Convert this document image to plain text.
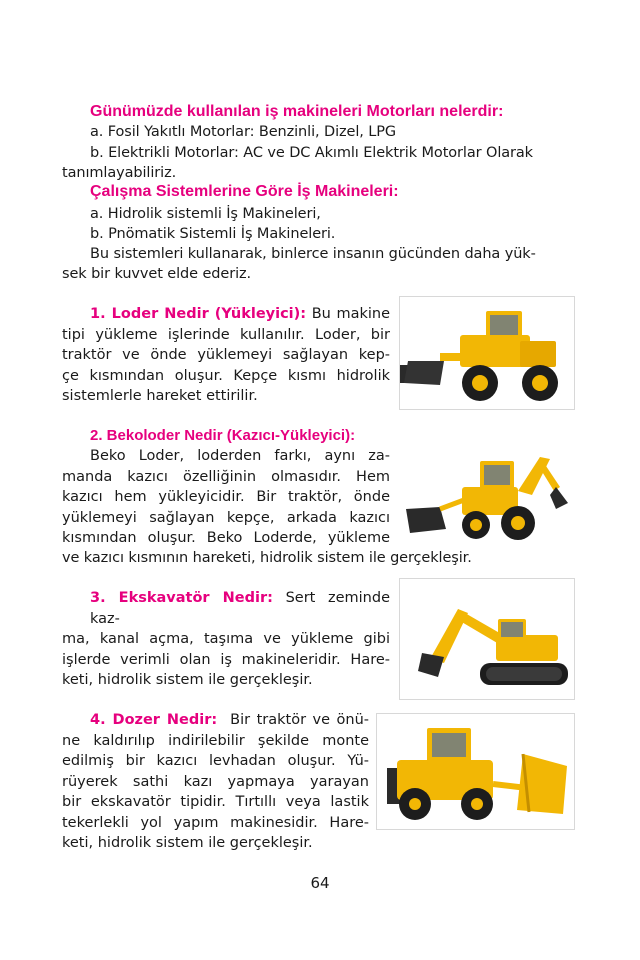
Günümüzde kullanılan iş makineleri Motorları nelerdir:
a. Fosil Yakıtlı Motorlar: Benzinli, Dizel, LPG
b. Elektrikli Motorlar: AC ve DC Akımlı Elektrik Motorlar Olarak
tanımlayabiliriz.
Çalışma Sistemlerine Göre İş Makineleri:
a. Hidrolik sistemli İş Makineleri,
b. Pnömatik Sistemli İş Makineleri.
Bu sistemleri kullanarak, binlerce insanın gücünden daha yük-
sek bir kuvvet elde ederiz.
1. Loder Nedir (Yükleyici): Bu makine
tipi yükleme işlerinde kullanılır. Loder, bir
traktör ve önde yüklemeyi sağlayan kep-
çe kısmından oluşur. Kepçe kısmı hidrolik
sistemlerle hareket ettirilir.
2. Bekoloder Nedir (Kazıcı-Yükleyici):
Beko Loder, loderden farkı, aynı za-
manda kazıcı özelliğinin olmasıdır. Hem
kazıcı hem yükleyicidir. Bir traktör, önde
yüklemeyi sağlayan kepçe, arkada kazıcı
kısmından oluşur. Beko Loderde, yükleme
ve kazıcı kısmının hareketi, hidrolik sistem ile gerçekleşir.
3. Ekskavatör Nedir: Sert zeminde kaz-
ma, kanal açma, taşıma ve yükleme gibi
işlerde verimli olan iş makineleridir. Hare-
keti, hidrolik sistem ile gerçekleşir.
4. Dozer Nedir: Bir traktör ve önü-
ne kaldırılıp indirilebilir şekilde monte
edilmiş bir kazıcı levhadan oluşur. Yü-
rüyerek sathi kazı yapmaya yarayan
bir ekskavatör tipidir. Tırtıllı veya lastik
tekerlekli yol yapım makinesidir. Hare-
keti, hidrolik sistem ile gerçekleşir.
64
